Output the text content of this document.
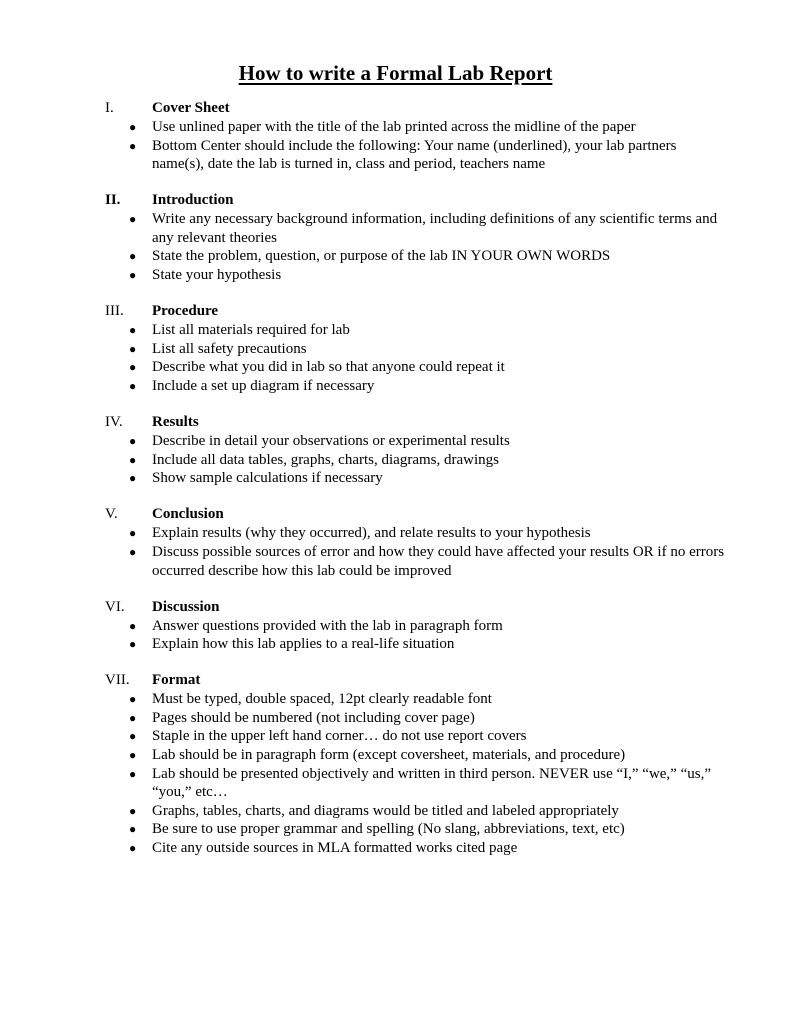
How to write a Formal Lab Report
I.	Cover Sheet
● Use unlined paper with the title of the lab printed across the midline of the paper
● Bottom Center should include the following: Your name (underlined), your lab partners name(s), date the lab is turned in, class and period, teachers name
II.	Introduction
● Write any necessary background information, including definitions of any scientific terms and any relevant theories
● State the problem, question, or purpose of the lab IN YOUR OWN WORDS
● State your hypothesis
III.	Procedure
● List all materials required for lab
● List all safety precautions
● Describe what you did in lab so that anyone could repeat it
● Include a set up diagram if necessary
IV.	Results
● Describe in detail your observations or experimental results
● Include all data tables, graphs, charts, diagrams, drawings
● Show sample calculations if necessary
V.	Conclusion
● Explain results (why they occurred), and relate results to your hypothesis
● Discuss possible sources of error and how they could have affected your results OR if no errors occurred describe how this lab could be improved
VI.	Discussion
● Answer questions provided with the lab in paragraph form
● Explain how this lab applies to a real-life situation
VII.	Format
● Must be typed, double spaced, 12pt clearly readable font
● Pages should be numbered (not including cover page)
● Staple in the upper left hand corner… do not use report covers
● Lab should be in paragraph form (except coversheet, materials, and procedure)
● Lab should be presented objectively and written in third person. NEVER use “I,” “we,” “us,” “you,” etc…
● Graphs, tables, charts, and diagrams would be titled and labeled appropriately
● Be sure to use proper grammar and spelling (No slang, abbreviations, text, etc)
● Cite any outside sources in MLA formatted works cited page
